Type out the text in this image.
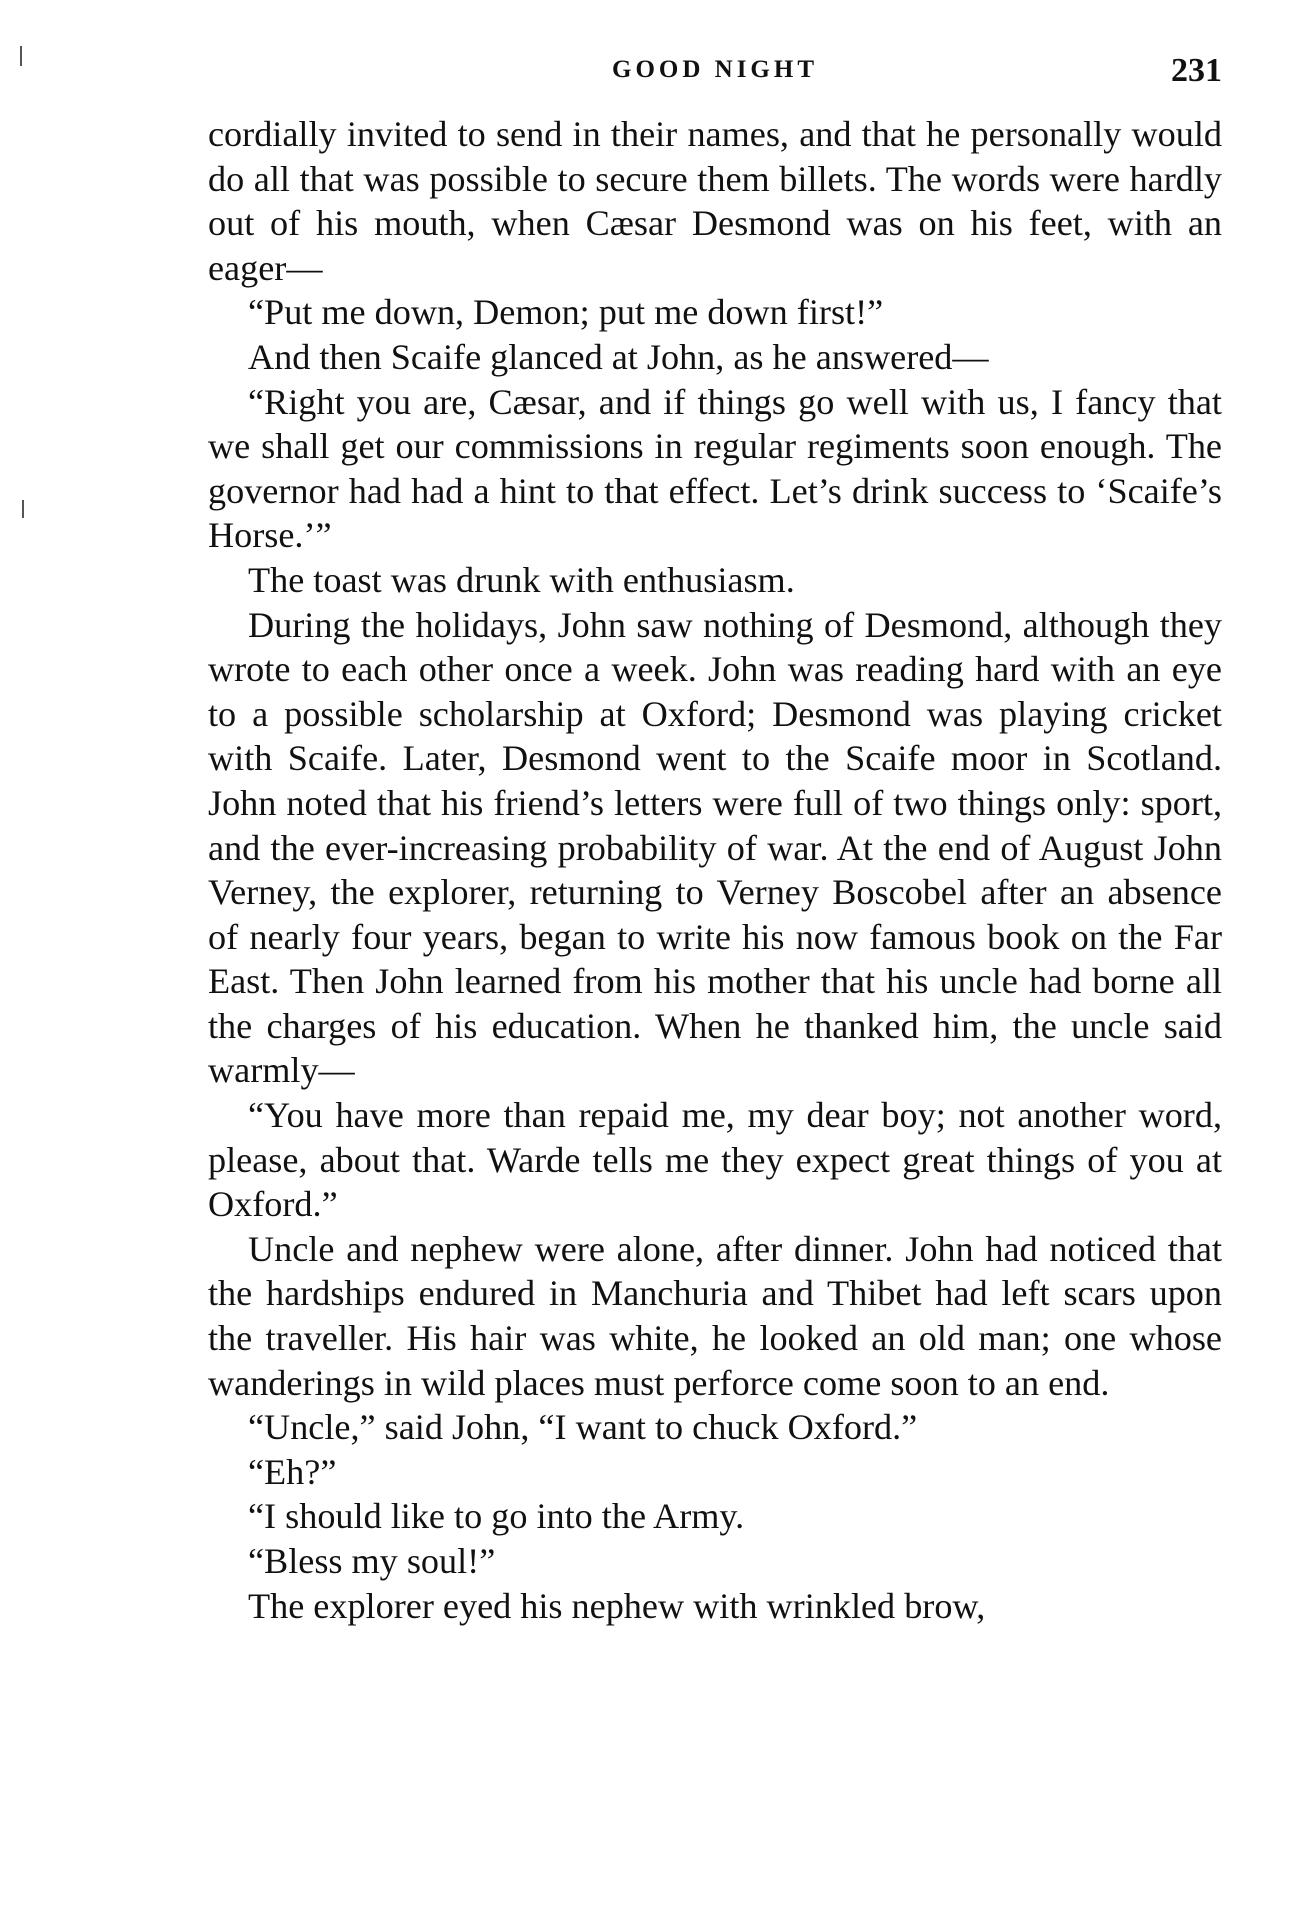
GOOD NIGHT	231

cordially invited to send in their names, and that he personally would do all that was possible to secure them billets. The words were hardly out of his mouth, when Cæsar Desmond was on his feet, with an eager—

“Put me down, Demon; put me down first!”

And then Scaife glanced at John, as he answered—

“Right you are, Cæsar, and if things go well with us, I fancy that we shall get our commissions in regular regiments soon enough. The governor had had a hint to that effect. Let’s drink success to ‘Scaife’s Horse.’”

The toast was drunk with enthusiasm.

During the holidays, John saw nothing of Desmond, although they wrote to each other once a week. John was reading hard with an eye to a possible scholarship at Oxford; Desmond was playing cricket with Scaife. Later, Desmond went to the Scaife moor in Scotland. John noted that his friend’s letters were full of two things only: sport, and the ever-increasing probability of war. At the end of August John Verney, the explorer, returning to Verney Boscobel after an absence of nearly four years, began to write his now famous book on the Far East. Then John learned from his mother that his uncle had borne all the charges of his education. When he thanked him, the uncle said warmly—

“You have more than repaid me, my dear boy; not another word, please, about that. Warde tells me they expect great things of you at Oxford.”

Uncle and nephew were alone, after dinner. John had noticed that the hardships endured in Manchuria and Thibet had left scars upon the traveller. His hair was white, he looked an old man; one whose wanderings in wild places must perforce come soon to an end.

“Uncle,” said John, “I want to chuck Oxford.”

“Eh?”

“I should like to go into the Army.

“Bless my soul!”

The explorer eyed his nephew with wrinkled brow,
